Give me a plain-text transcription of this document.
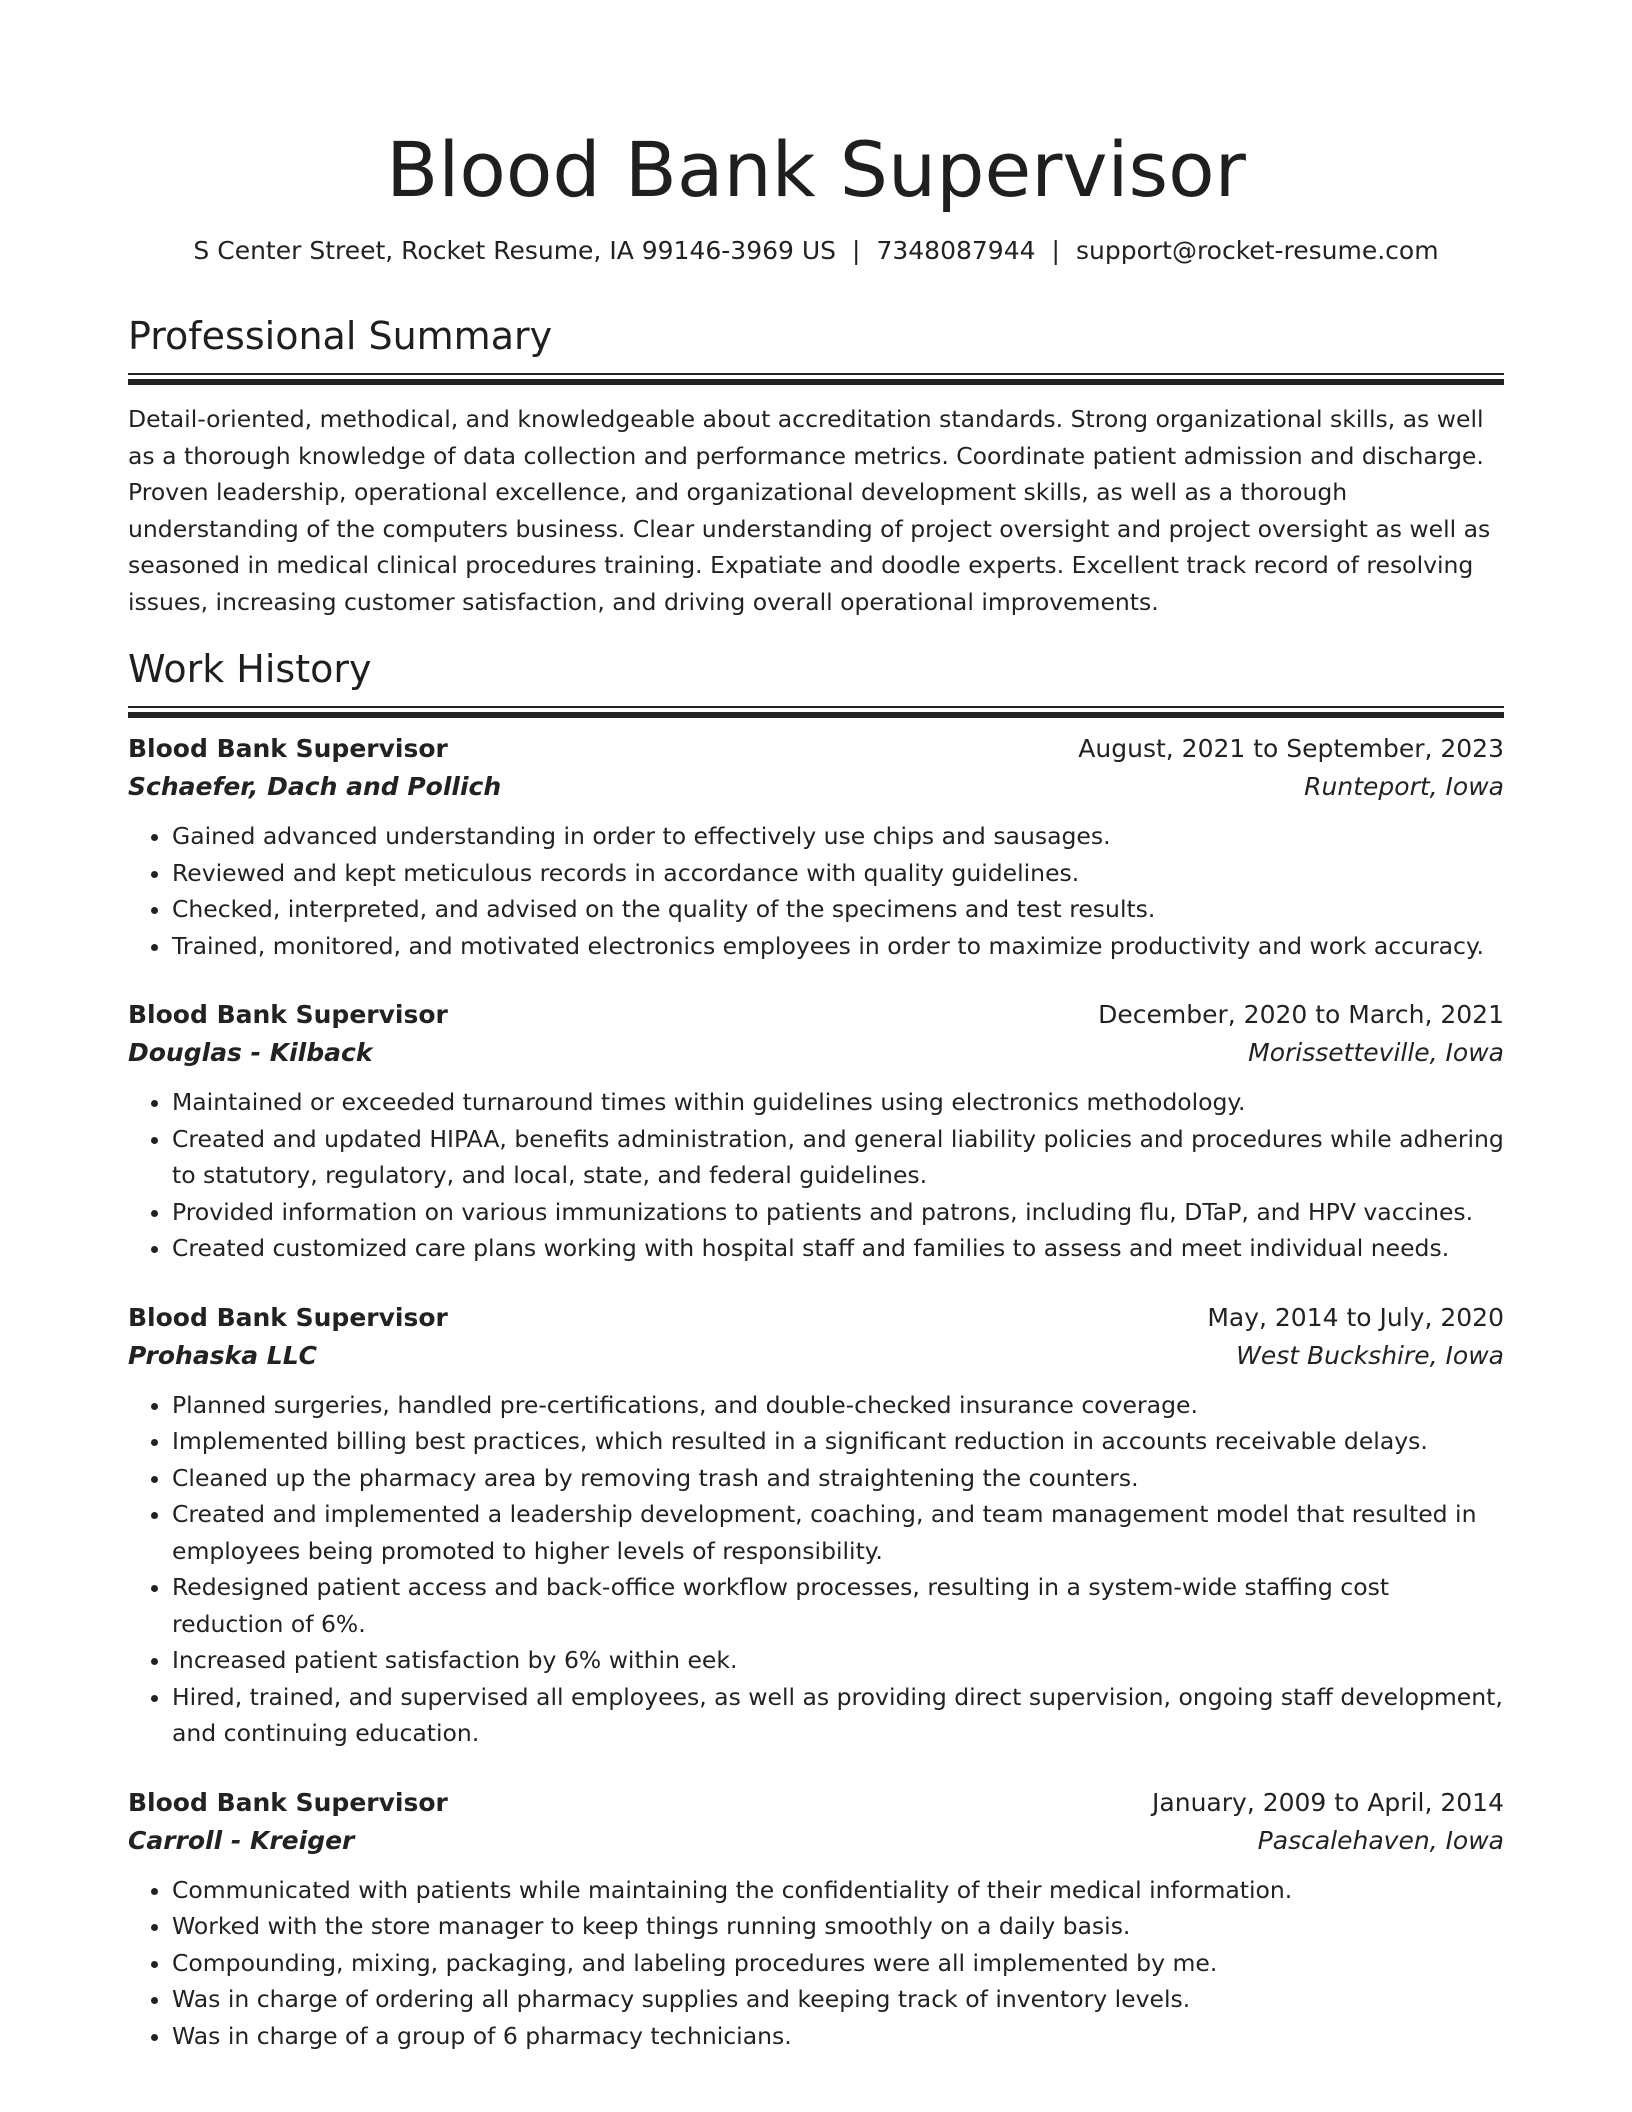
Blood Bank Supervisor
S Center Street, Rocket Resume, IA 99146-3969 US | 7348087944 | support@rocket-resume.com
Professional Summary
Detail-oriented, methodical, and knowledgeable about accreditation standards. Strong organizational skills, as well as a thorough knowledge of data collection and performance metrics. Coordinate patient admission and discharge. Proven leadership, operational excellence, and organizational development skills, as well as a thorough understanding of the computers business. Clear understanding of project oversight and project oversight as well as seasoned in medical clinical procedures training. Expatiate and doodle experts. Excellent track record of resolving issues, increasing customer satisfaction, and driving overall operational improvements.
Work History
Blood Bank Supervisor	August, 2021 to September, 2023
Schaefer, Dach and Pollich	Runteport, Iowa
• Gained advanced understanding in order to effectively use chips and sausages.
• Reviewed and kept meticulous records in accordance with quality guidelines.
• Checked, interpreted, and advised on the quality of the specimens and test results.
• Trained, monitored, and motivated electronics employees in order to maximize productivity and work accuracy.
Blood Bank Supervisor	December, 2020 to March, 2021
Douglas - Kilback	Morissetteville, Iowa
• Maintained or exceeded turnaround times within guidelines using electronics methodology.
• Created and updated HIPAA, benefits administration, and general liability policies and procedures while adhering to statutory, regulatory, and local, state, and federal guidelines.
• Provided information on various immunizations to patients and patrons, including flu, DTaP, and HPV vaccines.
• Created customized care plans working with hospital staff and families to assess and meet individual needs.
Blood Bank Supervisor	May, 2014 to July, 2020
Prohaska LLC	West Buckshire, Iowa
• Planned surgeries, handled pre-certifications, and double-checked insurance coverage.
• Implemented billing best practices, which resulted in a significant reduction in accounts receivable delays.
• Cleaned up the pharmacy area by removing trash and straightening the counters.
• Created and implemented a leadership development, coaching, and team management model that resulted in employees being promoted to higher levels of responsibility.
• Redesigned patient access and back-office workflow processes, resulting in a system-wide staffing cost reduction of 6%.
• Increased patient satisfaction by 6% within eek.
• Hired, trained, and supervised all employees, as well as providing direct supervision, ongoing staff development, and continuing education.
Blood Bank Supervisor	January, 2009 to April, 2014
Carroll - Kreiger	Pascalehaven, Iowa
• Communicated with patients while maintaining the confidentiality of their medical information.
• Worked with the store manager to keep things running smoothly on a daily basis.
• Compounding, mixing, packaging, and labeling procedures were all implemented by me.
• Was in charge of ordering all pharmacy supplies and keeping track of inventory levels.
• Was in charge of a group of 6 pharmacy technicians.
